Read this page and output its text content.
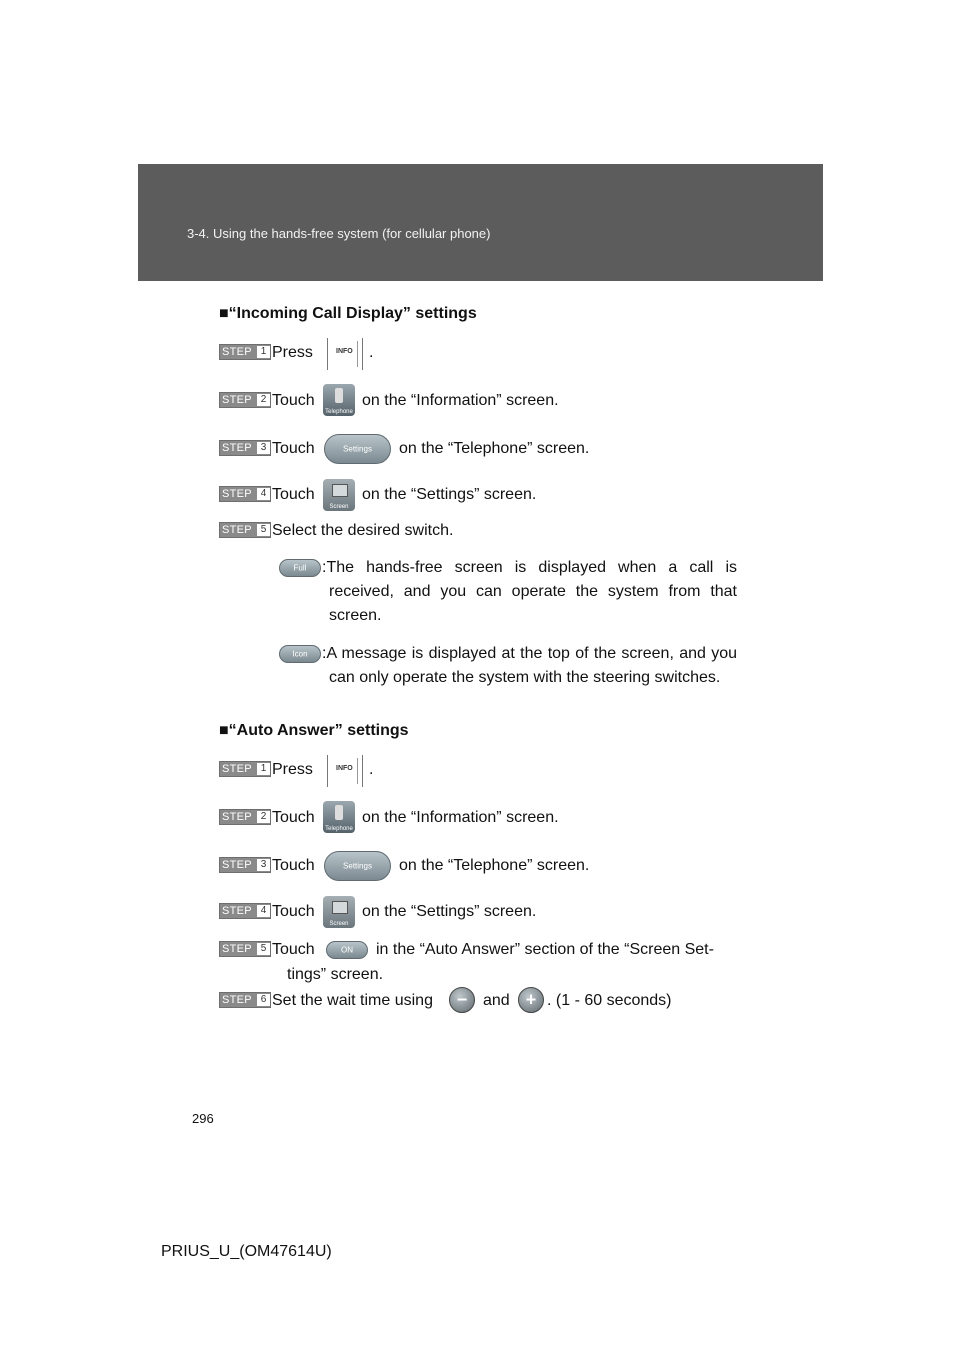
3-4. Using the hands-free system (for cellular phone)
■“Incoming Call Display” settings
STEP 1 Press	INFO .
STEP 2 Touch
Telephone
on the “Information” screen.
STEP 3 Touch	Settings	on the “Telephone” screen.
STEP 4 Touch
Screen
on the “Settings” screen.
STEP 5 Select the desired switch.
Full :The hands-free screen is displayed when a call is received, and you can operate the system from that screen.
Icon :A message is displayed at the top of the screen, and you can only operate the system with the steering switches.
■“Auto Answer” settings
STEP 1 Press	INFO .
STEP 2 Touch
Telephone
on the “Information” screen.
STEP 3 Touch	Settings	on the “Telephone” screen.
STEP 4 Touch
Screen
on the “Settings” screen.
STEP 5 Touch	ON	in the “Auto Answer” section of the “Screen Set-
tings” screen.
STEP 6 Set the wait time using	− and + . (1 - 60 seconds)
296
PRIUS_U_(OM47614U)
